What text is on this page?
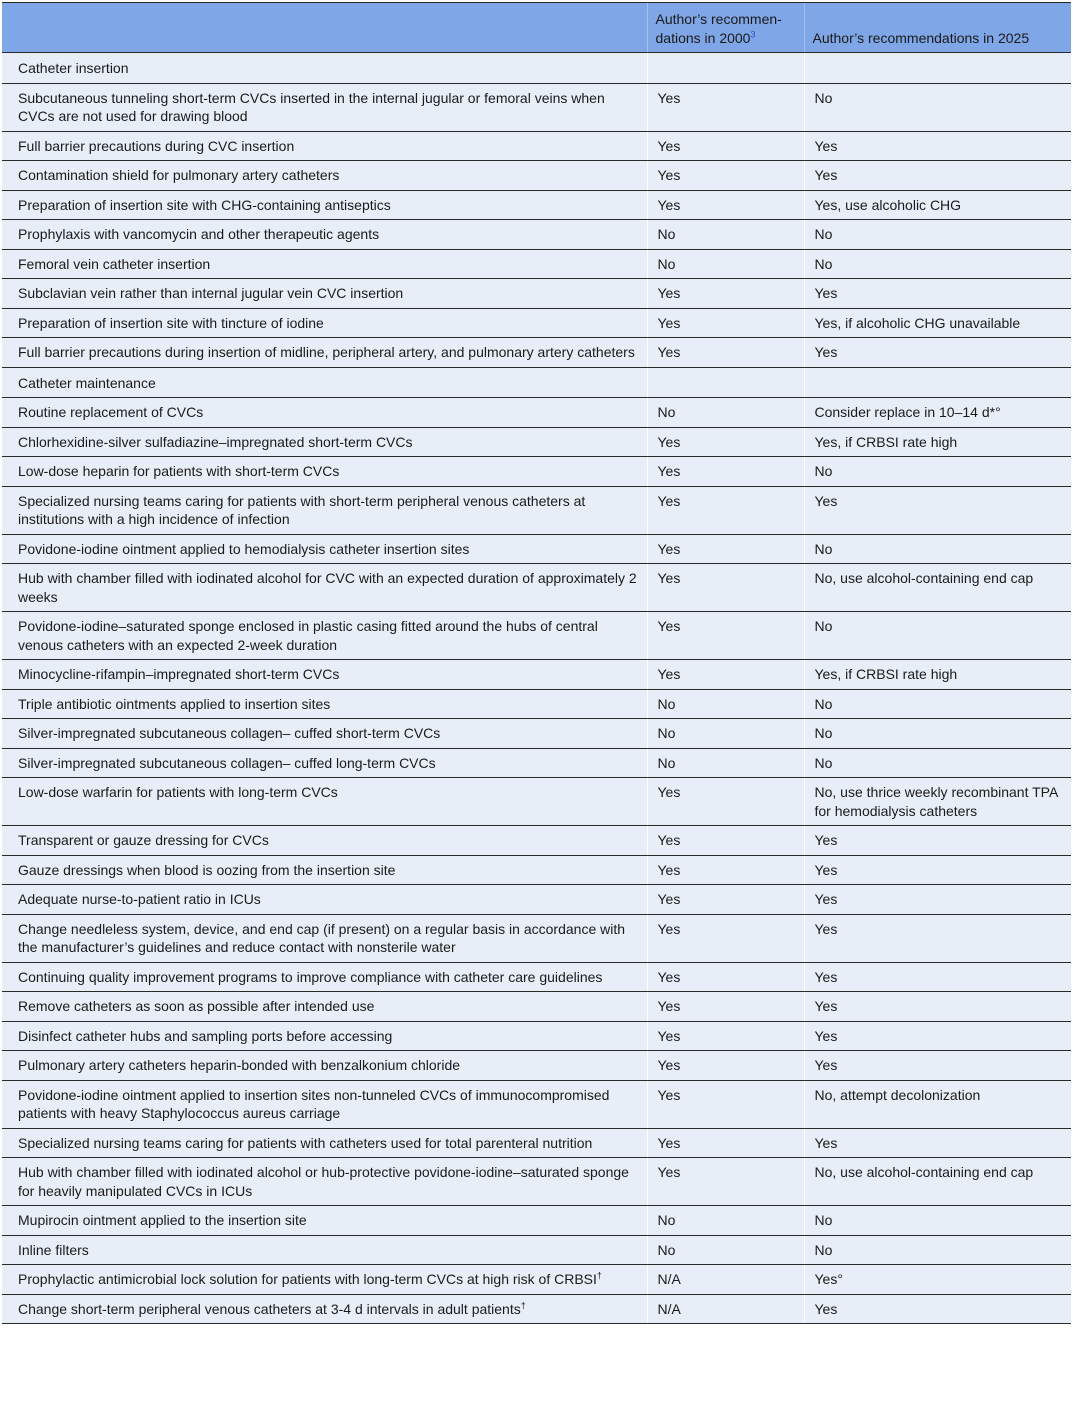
	Author’s recommen-
dations in 2000$^3$	Author’s recommendations in 2025
Catheter insertion		
Subcutaneous tunneling short-term CVCs inserted in the internal jugular or femoral veins when CVCs are not used for drawing blood	Yes	No
Full barrier precautions during CVC insertion	Yes	Yes
Contamination shield for pulmonary artery catheters	Yes	Yes
Preparation of insertion site with CHG-containing antiseptics	Yes	Yes, use alcoholic CHG
Prophylaxis with vancomycin and other therapeutic agents	No	No
Femoral vein catheter insertion	No	No
Subclavian vein rather than internal jugular vein CVC insertion	Yes	Yes
Preparation of insertion site with tincture of iodine	Yes	Yes, if alcoholic CHG unavailable
Full barrier precautions during insertion of midline, peripheral artery, and pulmonary artery catheters	Yes	Yes
Catheter maintenance		
Routine replacement of CVCs	No	Consider replace in 10–14 d*°
Chlorhexidine-silver sulfadiazine–impregnated short-term CVCs	Yes	Yes, if CRBSI rate high
Low-dose heparin for patients with short-term CVCs	Yes	No
Specialized nursing teams caring for patients with short-term peripheral venous catheters at institutions with a high incidence of infection	Yes	Yes
Povidone-iodine ointment applied to hemodialysis catheter insertion sites	Yes	No
Hub with chamber filled with iodinated alcohol for CVC with an expected duration of approximately 2 weeks	Yes	No, use alcohol-containing end cap
Povidone-iodine–saturated sponge enclosed in plastic casing fitted around the hubs of central venous catheters with an expected 2-week duration	Yes	No
Minocycline-rifampin–impregnated short-term CVCs	Yes	Yes, if CRBSI rate high
Triple antibiotic ointments applied to insertion sites	No	No
Silver-impregnated subcutaneous collagen– cuffed short-term CVCs	No	No
Silver-impregnated subcutaneous collagen– cuffed long-term CVCs	No	No
Low-dose warfarin for patients with long-term CVCs	Yes	No, use thrice weekly recombinant TPA for hemodialysis catheters
Transparent or gauze dressing for CVCs	Yes	Yes
Gauze dressings when blood is oozing from the insertion site	Yes	Yes
Adequate nurse-to-patient ratio in ICUs	Yes	Yes
Change needleless system, device, and end cap (if present) on a regular basis in accordance with the manufacturer’s guidelines and reduce contact with nonsterile water	Yes	Yes
Continuing quality improvement programs to improve compliance with catheter care guidelines	Yes	Yes
Remove catheters as soon as possible after intended use	Yes	Yes
Disinfect catheter hubs and sampling ports before accessing	Yes	Yes
Pulmonary artery catheters heparin-bonded with benzalkonium chloride	Yes	Yes
Povidone-iodine ointment applied to insertion sites non-tunneled CVCs of immunocompromised patients with heavy Staphylococcus aureus carriage	Yes	No, attempt decolonization
Specialized nursing teams caring for patients with catheters used for total parenteral nutrition	Yes	Yes
Hub with chamber filled with iodinated alcohol or hub-protective povidone-iodine–saturated sponge for heavily manipulated CVCs in ICUs	Yes	No, use alcohol-containing end cap
Mupirocin ointment applied to the insertion site	No	No
Inline filters	No	No
Prophylactic antimicrobial lock solution for patients with long-term CVCs at high risk of CRBSI†	N/A	Yes°
Change short-term peripheral venous catheters at 3-4 d intervals in adult patients†	N/A	Yes
